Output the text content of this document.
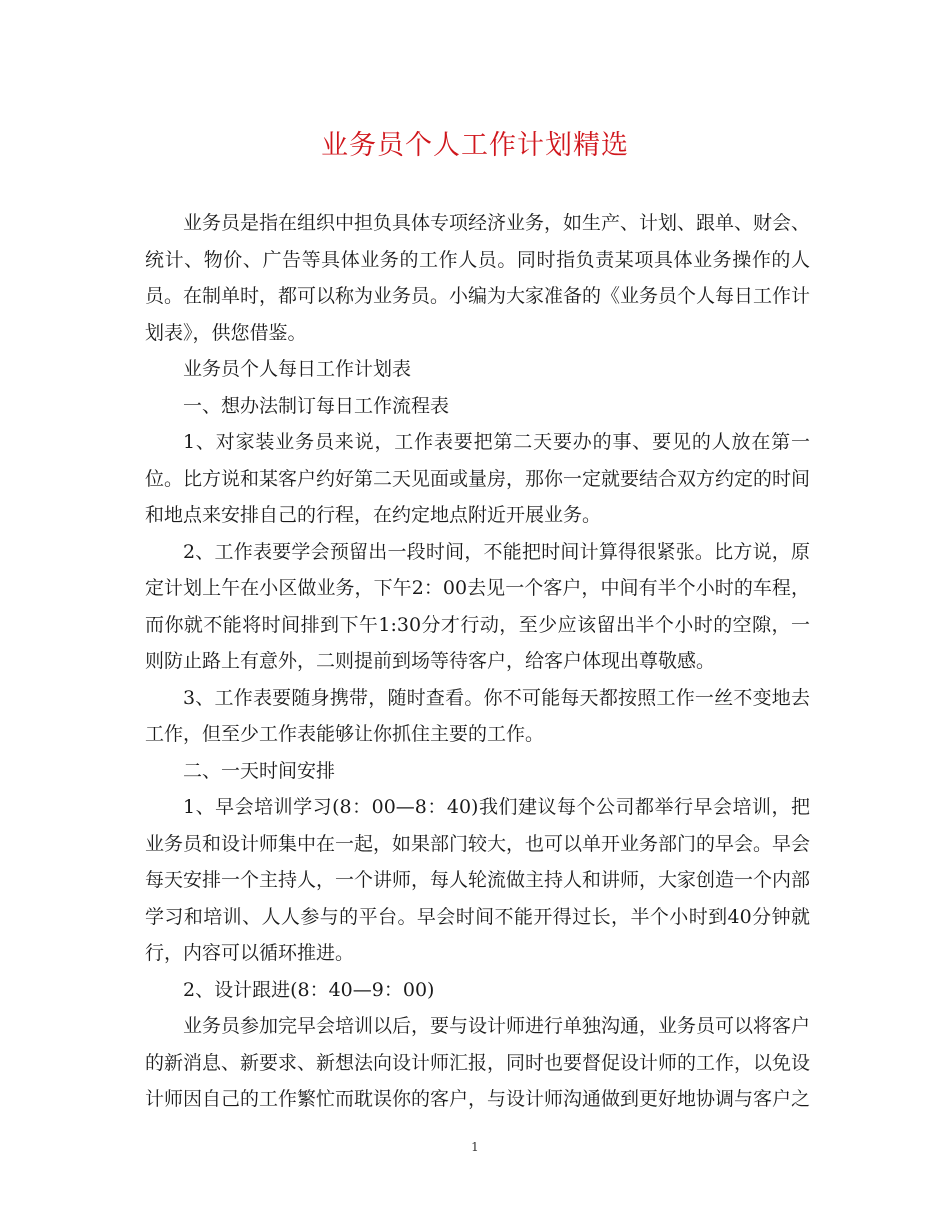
业务员个人工作计划精选

业务员是指在组织中担负具体专项经济业务，如生产、计划、跟单、财会、统计、物价、广告等具体业务的工作人员。同时指负责某项具体业务操作的人员。在制单时，都可以称为业务员。小编为大家准备的《业务员个人每日工作计划表》，供您借鉴。

业务员个人每日工作计划表

一、想办法制订每日工作流程表

1、对家装业务员来说，工作表要把第二天要办的事、要见的人放在第一位。比方说和某客户约好第二天见面或量房，那你一定就要结合双方约定的时间和地点来安排自己的行程，在约定地点附近开展业务。

2、工作表要学会预留出一段时间，不能把时间计算得很紧张。比方说，原定计划上午在小区做业务，下午2：00去见一个客户，中间有半个小时的车程，而你就不能将时间排到下午1:30分才行动，至少应该留出半个小时的空隙，一则防止路上有意外，二则提前到场等待客户，给客户体现出尊敬感。

3、工作表要随身携带，随时查看。你不可能每天都按照工作一丝不变地去工作，但至少工作表能够让你抓住主要的工作。

二、一天时间安排

1、早会培训学习(8：00—8：40)我们建议每个公司都举行早会培训，把业务员和设计师集中在一起，如果部门较大，也可以单开业务部门的早会。早会每天安排一个主持人，一个讲师，每人轮流做主持人和讲师，大家创造一个内部学习和培训、人人参与的平台。早会时间不能开得过长，半个小时到40分钟就行，内容可以循环推进。

2、设计跟进(8：40—9：00)

业务员参加完早会培训以后，要与设计师进行单独沟通，业务员可以将客户的新消息、新要求、新想法向设计师汇报，同时也要督促设计师的工作，以免设计师因自己的工作繁忙而耽误你的客户，与设计师沟通做到更好地协调与客户之

1
